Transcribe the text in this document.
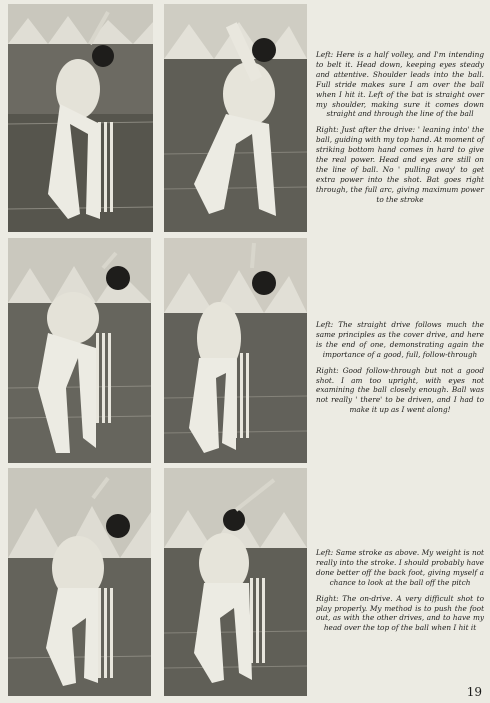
Left: Here is a half volley, and I'm intending to belt it. Head down, keeping eyes steady and attentive. Shoulder leads into the ball. Full stride makes sure I am over the ball when I hit it. Left of the bat is straight over my shoulder, making sure it comes down straight and through the line of the ball

Right: Just after the drive: ' leaning into' the ball, guiding with my top hand. At moment of striking bottom hand comes in hard to give the real power. Head and eyes are still on the line of ball. No ' pulling away' to get extra power into the shot. Bat goes right through, the full arc, giving maximum power to the stroke

Left: The straight drive follows much the same principles as the cover drive, and here is the end of one, demonstrating again the importance of a good, full, follow-through

Right: Good follow-through but not a good shot. I am too upright, with eyes not examining the ball closely enough. Ball was not really ' there' to be driven, and I had to make it up as I went along!

Left: Same stroke as above. My weight is not really into the stroke. I should probably have done better off the back foot, giving myself a chance to look at the ball off the pitch

Right: The on-drive. A very difficult shot to play properly. My method is to push the foot out, as with the other drives, and to have my head over the top of the ball when I hit it

19
